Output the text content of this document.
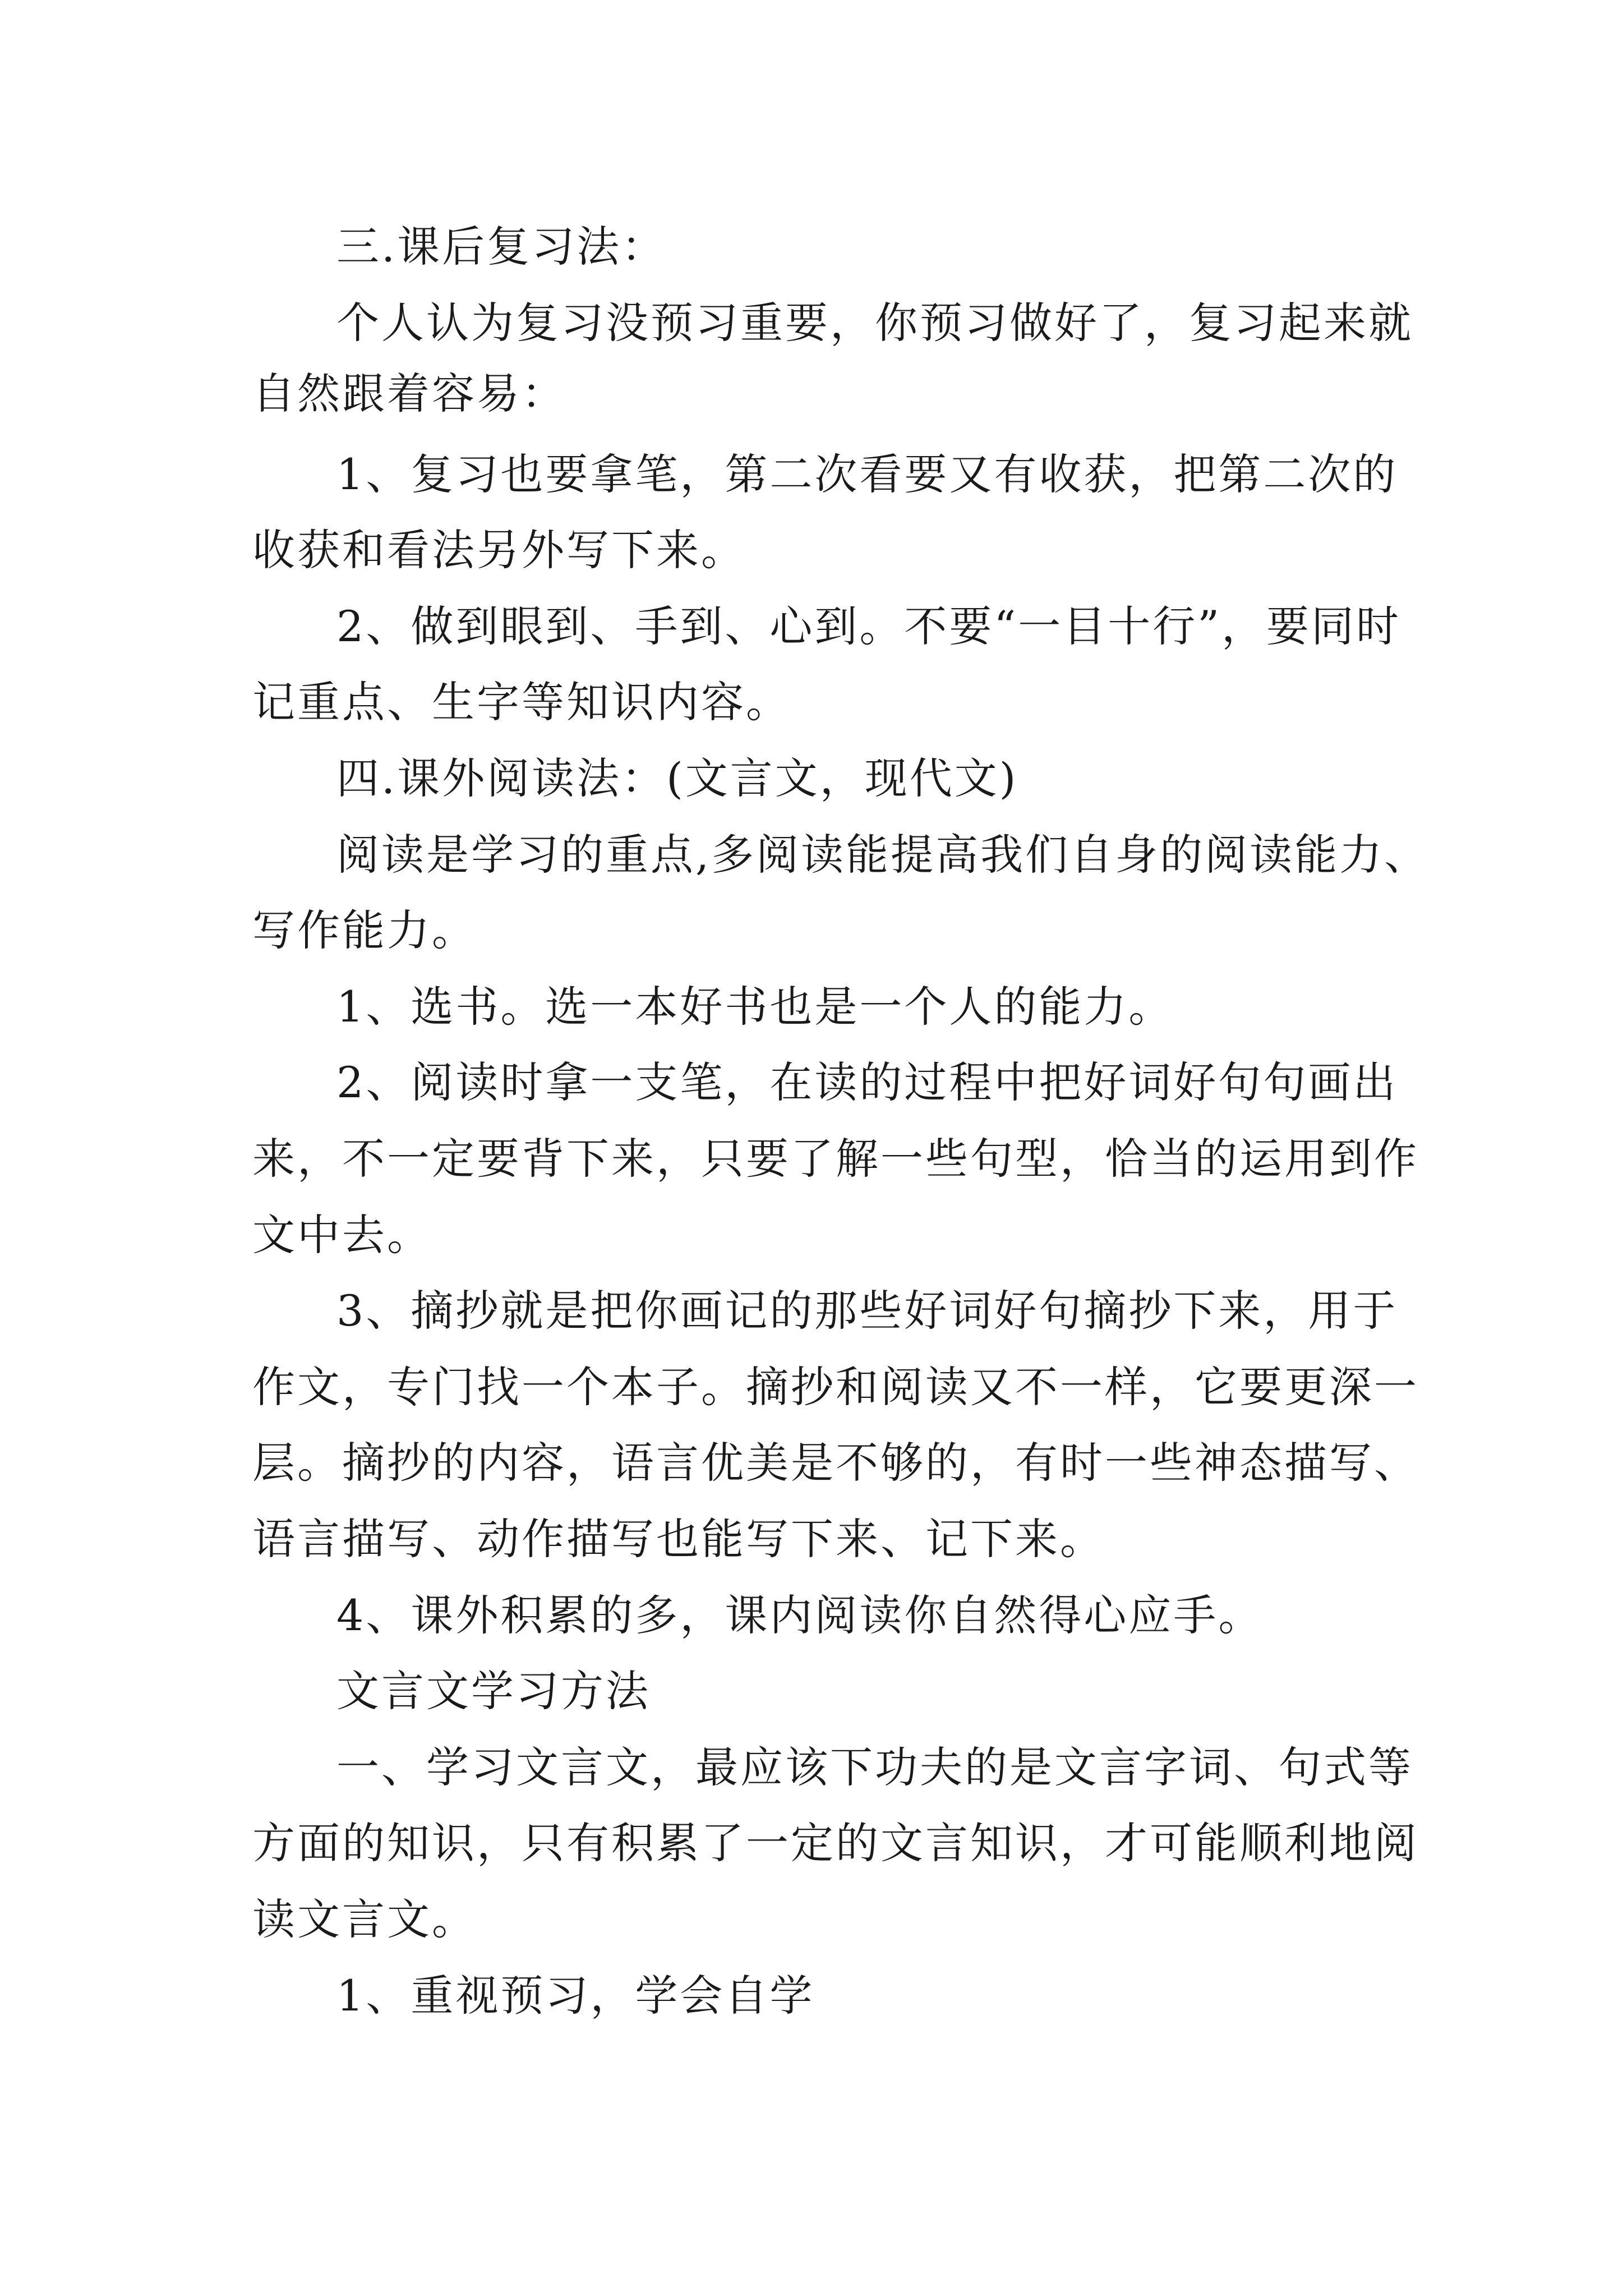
三.课后复习法：
个人认为复习没预习重要，你预习做好了，复习起来就
自然跟着容易：
1、复习也要拿笔，第二次看要又有收获，把第二次的
收获和看法另外写下来。
2、做到眼到、手到、心到。不要“一目十行”，要同时
记重点、生字等知识内容。
四.课外阅读法：(文言文，现代文)
阅读是学习的重点,多阅读能提高我们自身的阅读能力、
写作能力。
1、选书。选一本好书也是一个人的能力。
2、阅读时拿一支笔，在读的过程中把好词好句句画出
来，不一定要背下来，只要了解一些句型，恰当的运用到作
文中去。
3、摘抄就是把你画记的那些好词好句摘抄下来，用于
作文，专门找一个本子。摘抄和阅读又不一样，它要更深一
层。摘抄的内容，语言优美是不够的，有时一些神态描写、
语言描写、动作描写也能写下来、记下来。
4、课外积累的多，课内阅读你自然得心应手。
文言文学习方法
一、学习文言文，最应该下功夫的是文言字词、句式等
方面的知识，只有积累了一定的文言知识，才可能顺利地阅
读文言文。
1、重视预习，学会自学
